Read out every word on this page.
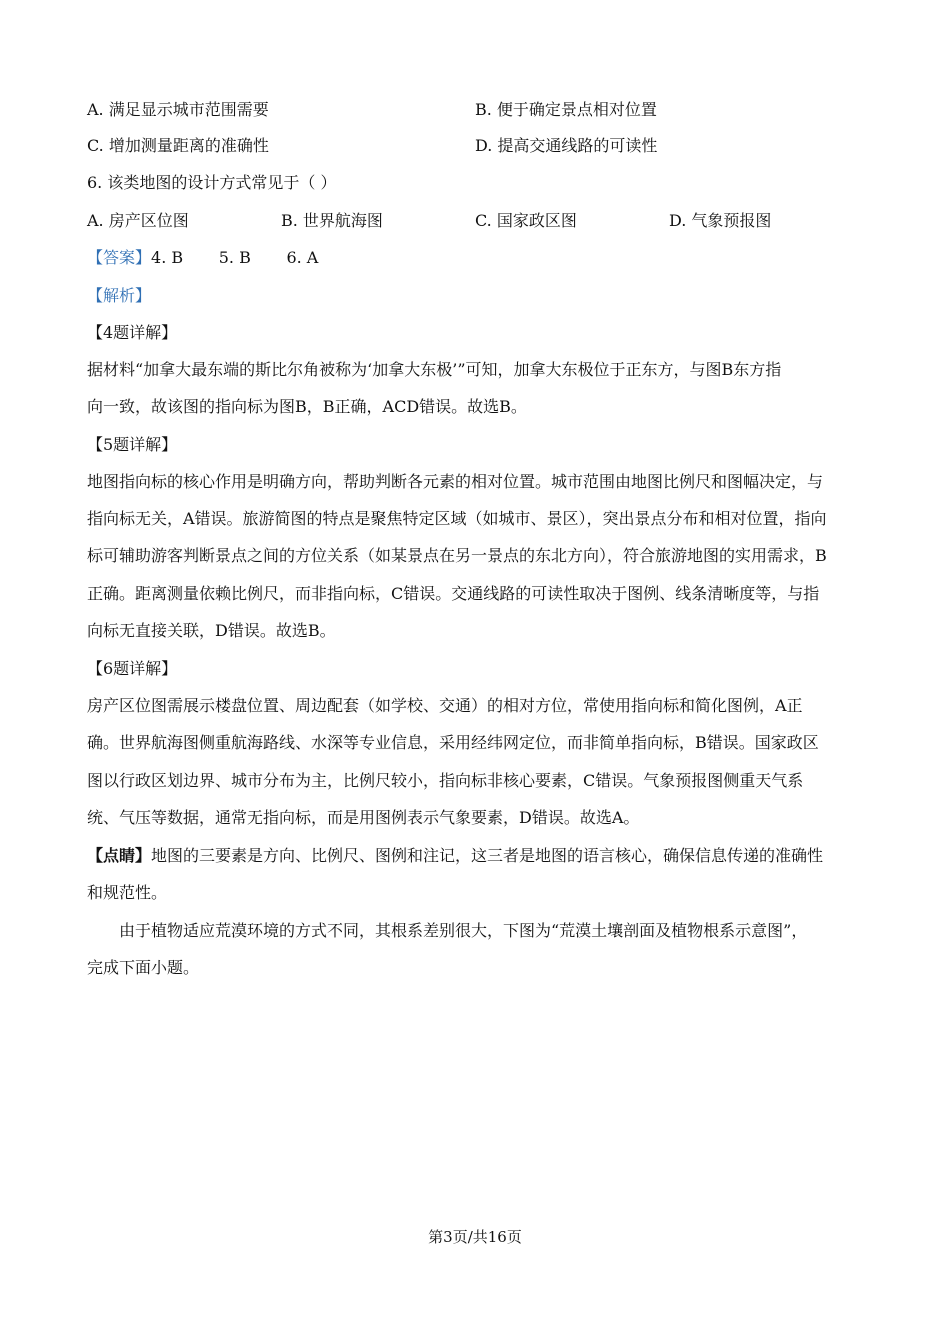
A. 满足显示城市范围需要	B. 便于确定景点相对位置
C. 增加测量距离的准确性	D. 提高交通线路的可读性
6. 该类地图的设计方式常见于（ ）
A. 房产区位图	B. 世界航海图	C. 国家政区图	D. 气象预报图
【答案】4. B       5. B       6. A
【解析】
【4题详解】
据材料“加拿大最东端的斯比尔角被称为‘加拿大东极’”可知，加拿大东极位于正东方，与图B东方指
向一致，故该图的指向标为图B，B正确，ACD错误。故选B。
【5题详解】
地图指向标的核心作用是明确方向，帮助判断各元素的相对位置。城市范围由地图比例尺和图幅决定，与
指向标无关，A错误。旅游简图的特点是聚焦特定区域（如城市、景区），突出景点分布和相对位置，指向
标可辅助游客判断景点之间的方位关系（如某景点在另一景点的东北方向），符合旅游地图的实用需求，B
正确。距离测量依赖比例尺，而非指向标，C错误。交通线路的可读性取决于图例、线条清晰度等，与指
向标无直接关联，D错误。故选B。
【6题详解】
房产区位图需展示楼盘位置、周边配套（如学校、交通）的相对方位，常使用指向标和简化图例，A正
确。世界航海图侧重航海路线、水深等专业信息，采用经纬网定位，而非简单指向标，B错误。国家政区
图以行政区划边界、城市分布为主，比例尺较小，指向标非核心要素，C错误。气象预报图侧重天气系
统、气压等数据，通常无指向标，而是用图例表示气象要素，D错误。故选A。
【点睛】地图的三要素是方向、比例尺、图例和注记，这三者是地图的语言核心，确保信息传递的准确性
和规范性。
由于植物适应荒漠环境的方式不同，其根系差别很大，下图为“荒漠土壤剖面及植物根系示意图”，
完成下面小题。
第3页/共16页
